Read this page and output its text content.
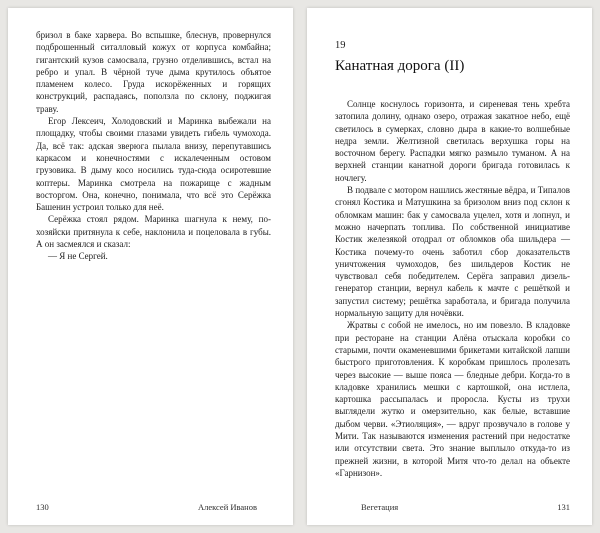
бризол в баке харвера. Во вспышке, блеснув, провернулся подброшенный ситалловый кожух от корпуса комбайна; гигантский кузов самосвала, грузно отделившись, встал на ребро и упал. В чёрной туче дыма крутилось объятое пламенем колесо. Груда искорёженных и горящих конструкций, распадаясь, поползла по склону, поджигая траву.

Егор Лексеич, Холодовский и Маринка выбежали на площадку, чтобы своими глазами увидеть гибель чумохода. Да, всё так: адская зверюга пылала внизу, перепутавшись каркасом и конечностями с искалеченным остовом грузовика. В дыму косо носились туда-сюда осиротевшие коптеры. Маринка смотрела на пожарище с жадным восторгом. Она, конечно, понимала, что всё это Серёжка Башенин устроил только для неё.

Серёжка стоял рядом. Маринка шагнула к нему, по-хозяйски притянула к себе, наклонила и поцеловала в губы. А он засмеялся и сказал:

— Я не Сергей.

130	Алексей Иванов
19
Канатная дорога (II)

Солнце коснулось горизонта, и сиреневая тень хребта затопила долину, однако озеро, отражая закатное небо, ещё светилось в сумерках, словно дыра в какие-то волшебные недра земли. Желтизной светилась верхушка горы на восточном берегу. Распадки мягко размыло туманом. А на верхней станции канатной дороги бригада готовилась к ночлегу.

В подвале с мотором нашлись жестяные вёдра, и Типалов сгонял Костика и Матушкина за бризолом вниз под склон к обломкам машин: бак у самосвала уцелел, хотя и лопнул, и можно начерпать топлива. По собственной инициативе Костик железякой отодрал от обломков оба шильдера — Костика почему-то очень заботил сбор доказательств уничтожения чумоходов, без шильдеров Костик не чувствовал себя победителем. Серёга заправил дизель-генератор станции, вернул кабель к мачте с решёткой и запустил систему; решётка заработала, и бригада получила нормальную защиту для ночёвки.

Жратвы с собой не имелось, но им повезло. В кладовке при ресторане на станции Алёна отыскала коробки со старыми, почти окаменевшими брикетами китайской лапши быстрого приготовления. К коробкам пришлось пролезать через высокие — выше пояса — бледные дебри. Когда-то в кладовке хранились мешки с картошкой, она истлела, картошка рассыпалась и проросла. Кусты из трухи выглядели жутко и омерзительно, как белые, вставшие дыбом черви. «Этиоляция», — вдруг прозвучало в голове у Мити. Так называются изменения растений при недостатке или отсутствии света. Это знание выплыло откуда-то из прежней жизни, в которой Митя что-то делал на объекте «Гарнизон».

Вегетация	131
